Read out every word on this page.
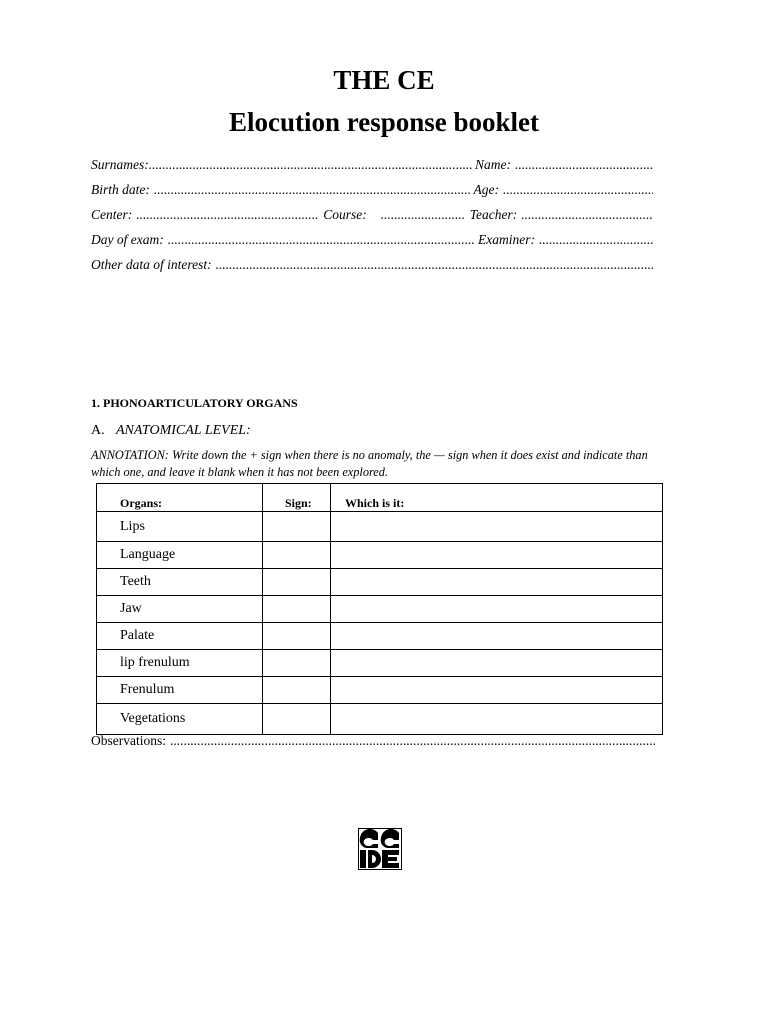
THE CE
Elocution response booklet
Surnames: .....	Name:
.....
Birth date: .....	Age:
.....
Center: .....	Course: .....	Teacher:
.....
Day of exam: .....	Examiner:
.....
Other data of interest:
.....
1. PHONOARTICULATORY ORGANS
A. ANATOMICAL LEVEL:
ANNOTATION: Write down the + sign when there is no anomaly, the — sign when it does exist and indicate than which one, and leave it blank when it has not been explored.
Organs:	Sign:	Which is it:
Lips		
Language		
Teeth		
Jaw		
Palate		
lip frenulum		
Frenulum		
Vegetations		
Observations:
.....
